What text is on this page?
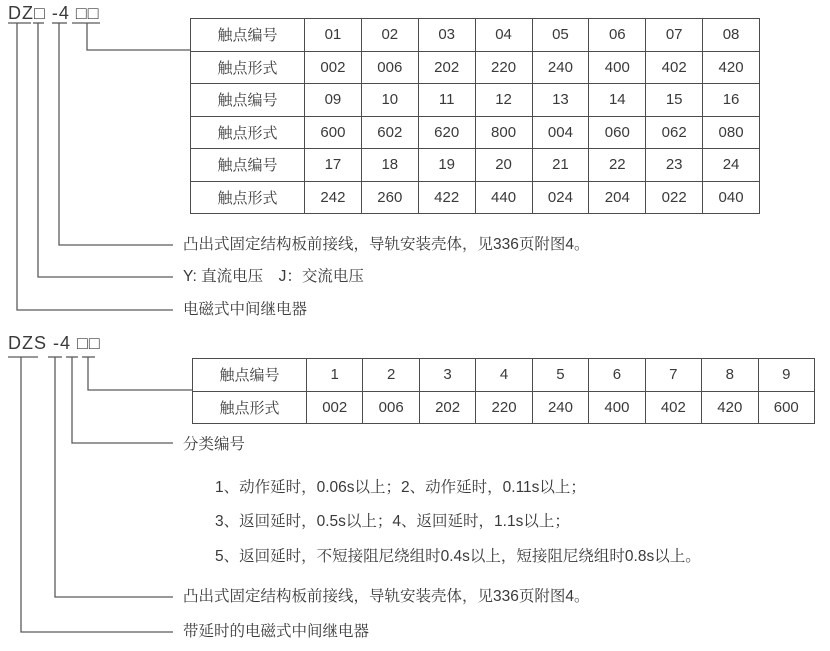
DZ□ -4 □□
触点编号	01	02	03	04	05	06	07	08
触点形式	002	006	202	220	240	400	402	420
触点编号	09	10	11	12	13	14	15	16
触点形式	600	602	620	800	004	060	062	080
触点编号	17	18	19	20	21	22	23	24
触点形式	242	260	422	440	024	204	022	040
凸出式固定结构板前接线，导轨安装壳体，见336页附图4。
Y: 直流电压　J：交流电压
电磁式中间继电器
DZS -4 □□
触点编号	1	2	3	4	5	6	7	8	9
触点形式	002	006	202	220	240	400	402	420	600
分类编号
1、动作延时，0.06s以上；2、动作延时，0.11s以上；
3、返回延时，0.5s以上；4、返回延时，1.1s以上；
5、返回延时，不短接阻尼绕组时0.4s以上，短接阻尼绕组时0.8s以上。
凸出式固定结构板前接线，导轨安装壳体，见336页附图4。
带延时的电磁式中间继电器
